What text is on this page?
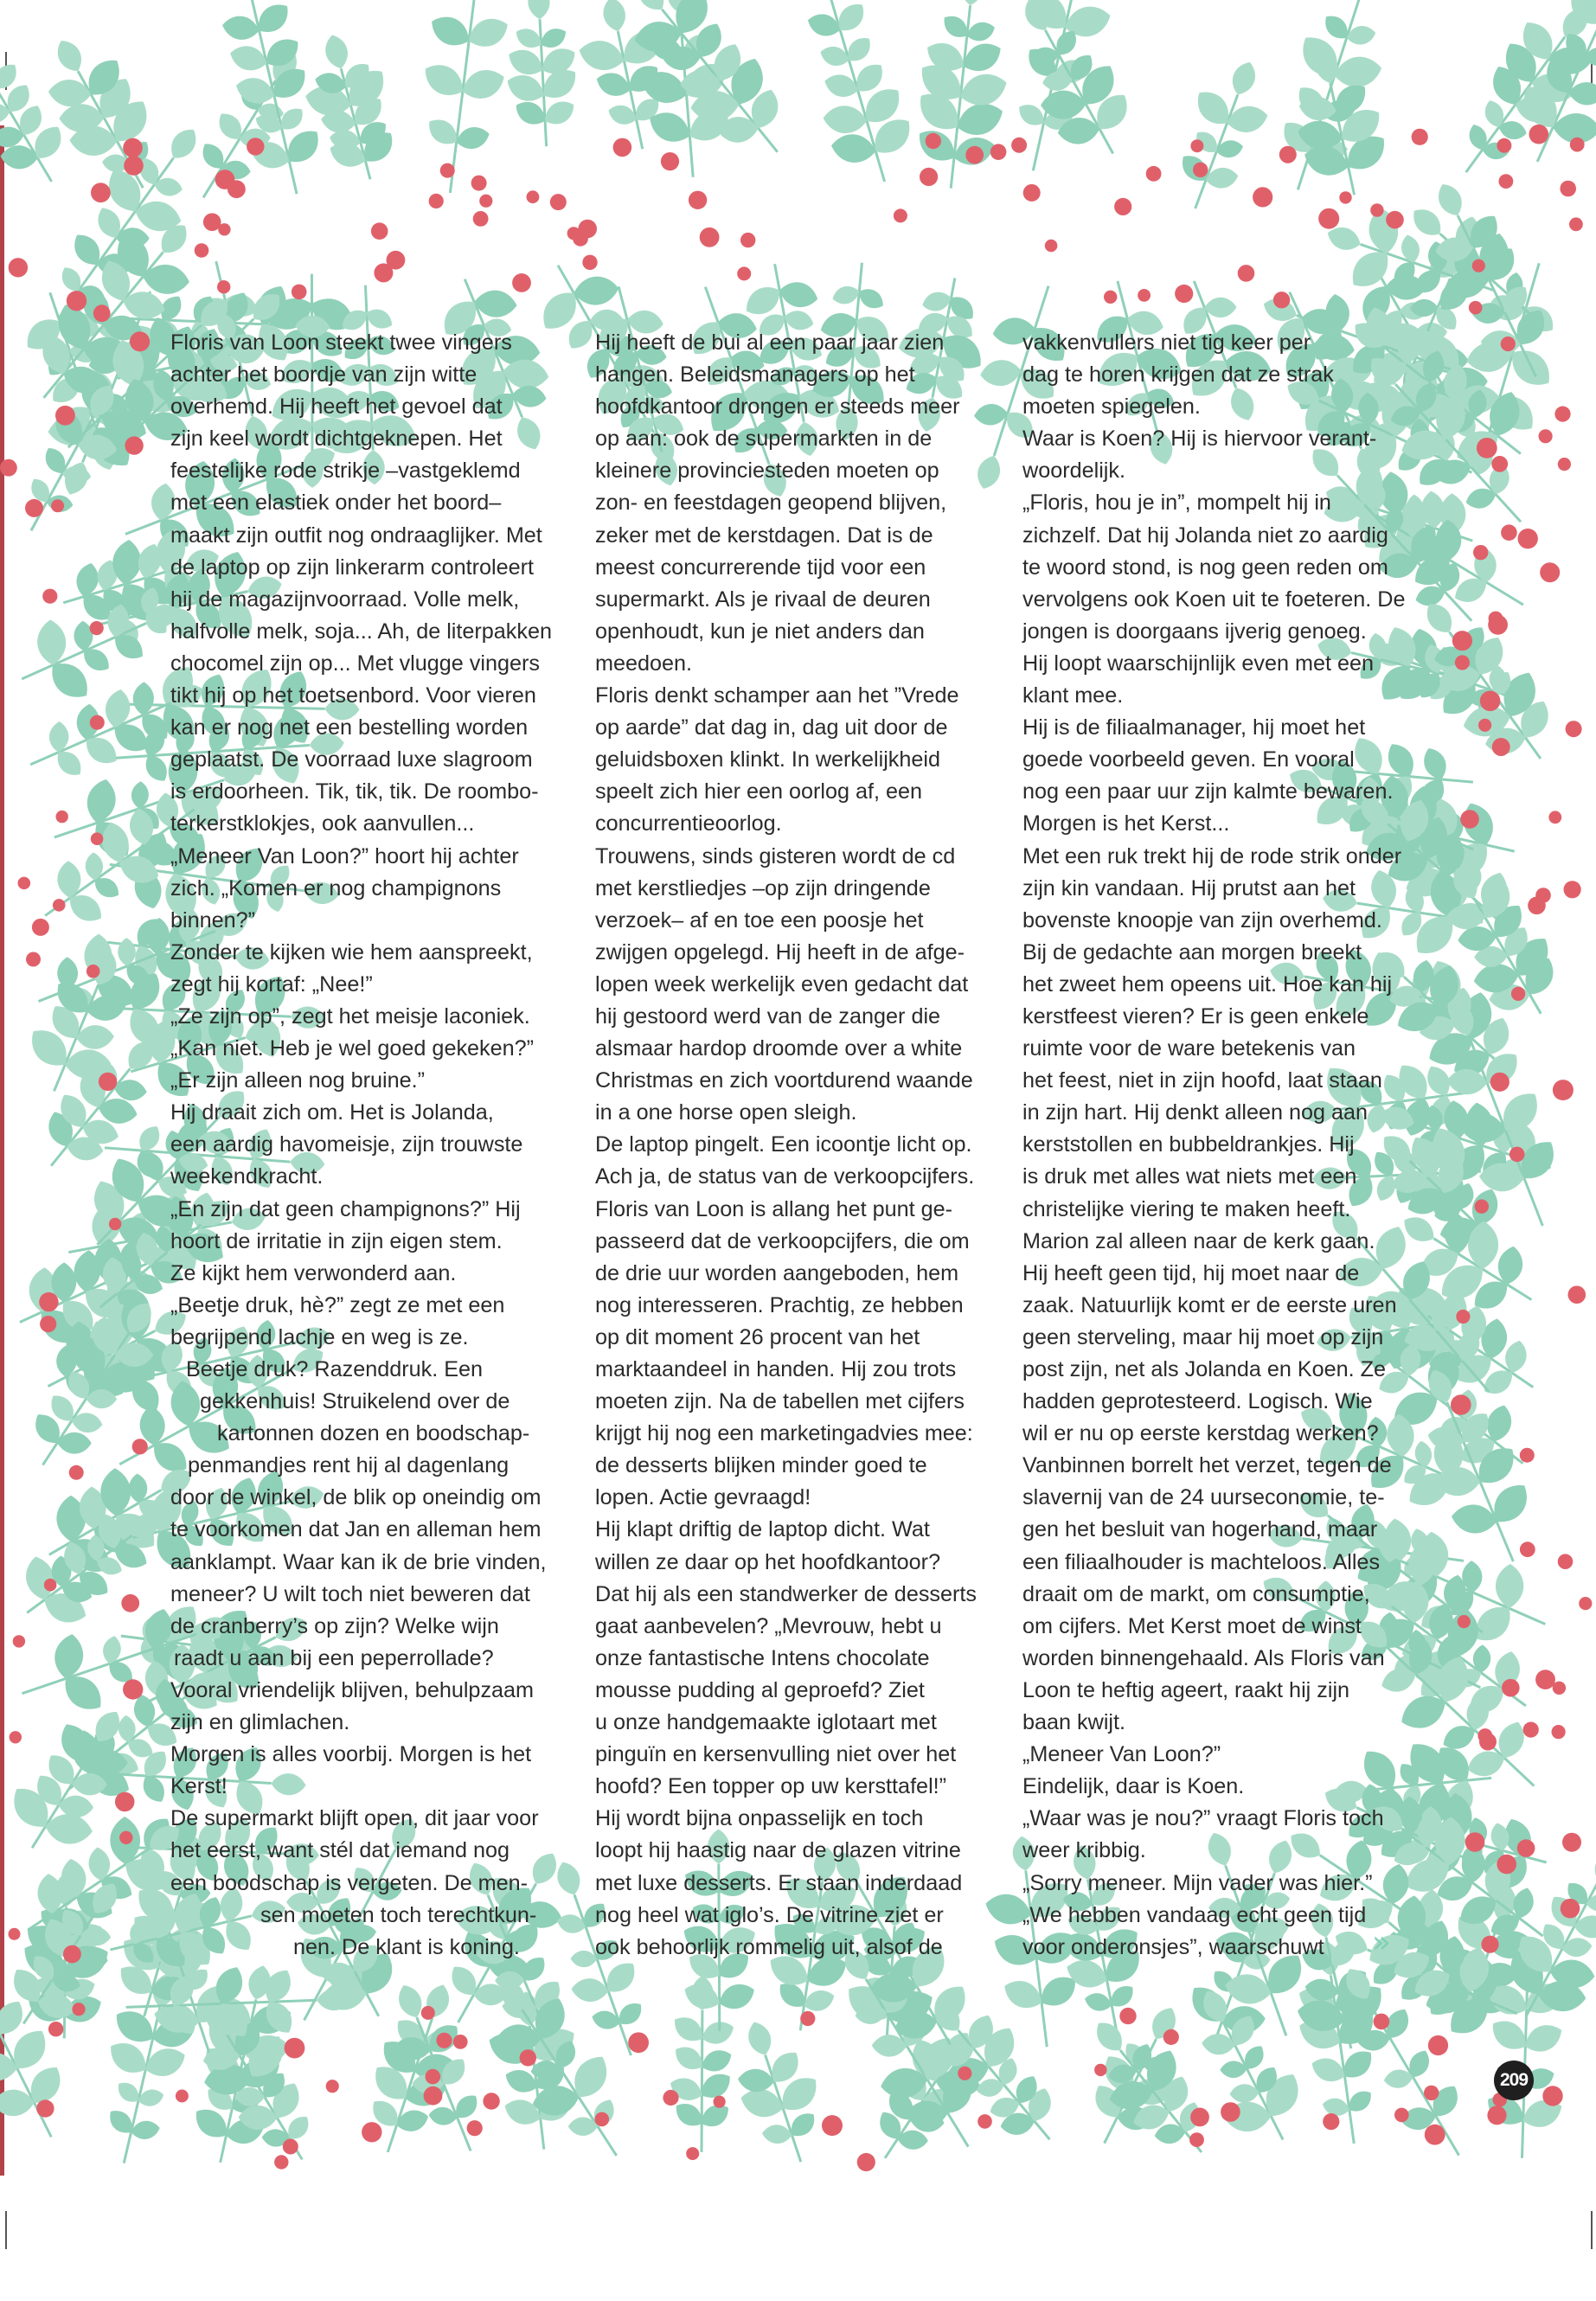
Floris van Loon steekt twee vingers
achter het boordje van zijn witte
overhemd. Hij heeft het gevoel dat
zijn keel wordt dichtgeknepen. Het
feestelijke rode strikje –vastgeklemd
met een elastiek onder het boord–
maakt zijn outfit nog ondraaglijker. Met
de laptop op zijn linkerarm controleert
hij de magazijnvoorraad. Volle melk,
halfvolle melk, soja... Ah, de literpakken
chocomel zijn op... Met vlugge vingers
tikt hij op het toetsenbord. Voor vieren
kan er nog net een bestelling worden
geplaatst. De voorraad luxe slagroom
is erdoorheen. Tik, tik, tik. De roombo-
terkerstklokjes, ook aanvullen...
„Meneer Van Loon?” hoort hij achter
zich. „Komen er nog champignons
binnen?”
Zonder te kijken wie hem aanspreekt,
zegt hij kortaf: „Nee!”
„Ze zijn op”, zegt het meisje laconiek.
„Kan niet. Heb je wel goed gekeken?”
„Er zijn alleen nog bruine.”
Hij draait zich om. Het is Jolanda,
een aardig havomeisje, zijn trouwste
weekendkracht.
„En zijn dat geen champignons?” Hij
hoort de irritatie in zijn eigen stem.
Ze kijkt hem verwonderd aan.
„Beetje druk, hè?” zegt ze met een
begrijpend lachje en weg is ze.
Beetje druk? Razenddruk. Een
gekkenhuis! Struikelend over de
kartonnen dozen en boodschap-
penmandjes rent hij al dagenlang
door de winkel, de blik op oneindig om
te voorkomen dat Jan en alleman hem
aanklampt. Waar kan ik de brie vinden,
meneer? U wilt toch niet beweren dat
de cranberry’s op zijn? Welke wijn
raadt u aan bij een peperrollade?
Vooral vriendelijk blijven, behulpzaam
zijn en glimlachen.
Morgen is alles voorbij. Morgen is het
Kerst!
De supermarkt blijft open, dit jaar voor
het eerst, want stél dat iemand nog
een boodschap is vergeten. De men-
sen moeten toch terechtkun-
nen. De klant is koning.
Hij heeft de bui al een paar jaar zien
hangen. Beleidsmanagers op het
hoofdkantoor drongen er steeds meer
op aan: ook de supermarkten in de
kleinere provinciesteden moeten op
zon- en feestdagen geopend blijven,
zeker met de kerstdagen. Dat is de
meest concurrerende tijd voor een
supermarkt. Als je rivaal de deuren
openhoudt, kun je niet anders dan
meedoen.
Floris denkt schamper aan het ”Vrede
op aarde” dat dag in, dag uit door de
geluidsboxen klinkt. In werkelijkheid
speelt zich hier een oorlog af, een
concurrentieoorlog.
Trouwens, sinds gisteren wordt de cd
met kerstliedjes –op zijn dringende
verzoek– af en toe een poosje het
zwijgen opgelegd. Hij heeft in de afge-
lopen week werkelijk even gedacht dat
hij gestoord werd van de zanger die
alsmaar hardop droomde over a white
Christmas en zich voortdurend waande
in a one horse open sleigh.
De laptop pingelt. Een icoontje licht op.
Ach ja, de status van de verkoopcijfers.
Floris van Loon is allang het punt ge-
passeerd dat de verkoopcijfers, die om
de drie uur worden aangeboden, hem
nog interesseren. Prachtig, ze hebben
op dit moment 26 procent van het
marktaandeel in handen. Hij zou trots
moeten zijn. Na de tabellen met cijfers
krijgt hij nog een marketingadvies mee:
de desserts blijken minder goed te
lopen. Actie gevraagd!
Hij klapt driftig de laptop dicht. Wat
willen ze daar op het hoofdkantoor?
Dat hij als een standwerker de desserts
gaat aanbevelen? „Mevrouw, hebt u
onze fantastische Intens chocolate
mousse pudding al geproefd? Ziet
u onze handgemaakte iglotaart met
pinguïn en kersenvulling niet over het
hoofd? Een topper op uw kersttafel!”
Hij wordt bijna onpasselijk en toch
loopt hij haastig naar de glazen vitrine
met luxe desserts. Er staan inderdaad
nog heel wat iglo’s. De vitrine ziet er
ook behoorlijk rommelig uit, alsof de
vakkenvullers niet tig keer per
dag te horen krijgen dat ze strak
moeten spiegelen.
Waar is Koen? Hij is hiervoor verant-
woordelijk.
„Floris, hou je in”, mompelt hij in
zichzelf. Dat hij Jolanda niet zo aardig
te woord stond, is nog geen reden om
vervolgens ook Koen uit te foeteren. De
jongen is doorgaans ijverig genoeg.
Hij loopt waarschijnlijk even met een
klant mee.
Hij is de filiaalmanager, hij moet het
goede voorbeeld geven. En vooral
nog een paar uur zijn kalmte bewaren.
Morgen is het Kerst...
Met een ruk trekt hij de rode strik onder
zijn kin vandaan. Hij prutst aan het
bovenste knoopje van zijn overhemd.
Bij de gedachte aan morgen breekt
het zweet hem opeens uit. Hoe kan hij
kerstfeest vieren? Er is geen enkele
ruimte voor de ware betekenis van
het feest, niet in zijn hoofd, laat staan
in zijn hart. Hij denkt alleen nog aan
kerststollen en bubbeldrankjes. Hij
is druk met alles wat niets met een
christelijke viering te maken heeft.
Marion zal alleen naar de kerk gaan.
Hij heeft geen tijd, hij moet naar de
zaak. Natuurlijk komt er de eerste uren
geen sterveling, maar hij moet op zijn
post zijn, net als Jolanda en Koen. Ze
hadden geprotesteerd. Logisch. Wie
wil er nu op eerste kerstdag werken?
Vanbinnen borrelt het verzet, tegen de
slavernij van de 24 uurseconomie, te-
gen het besluit van hogerhand, maar
een filiaalhouder is machteloos. Alles
draait om de markt, om consumptie,
om cijfers. Met Kerst moet de winst
worden binnengehaald. Als Floris van
Loon te heftig ageert, raakt hij zijn
baan kwijt.
„Meneer Van Loon?”
Eindelijk, daar is Koen.
„Waar was je nou?” vraagt Floris toch
weer kribbig.
„Sorry meneer. Mijn vader was hier.”
„We hebben vandaag echt geen tijd
voor onderonsjes”, waarschuwt	»
209
